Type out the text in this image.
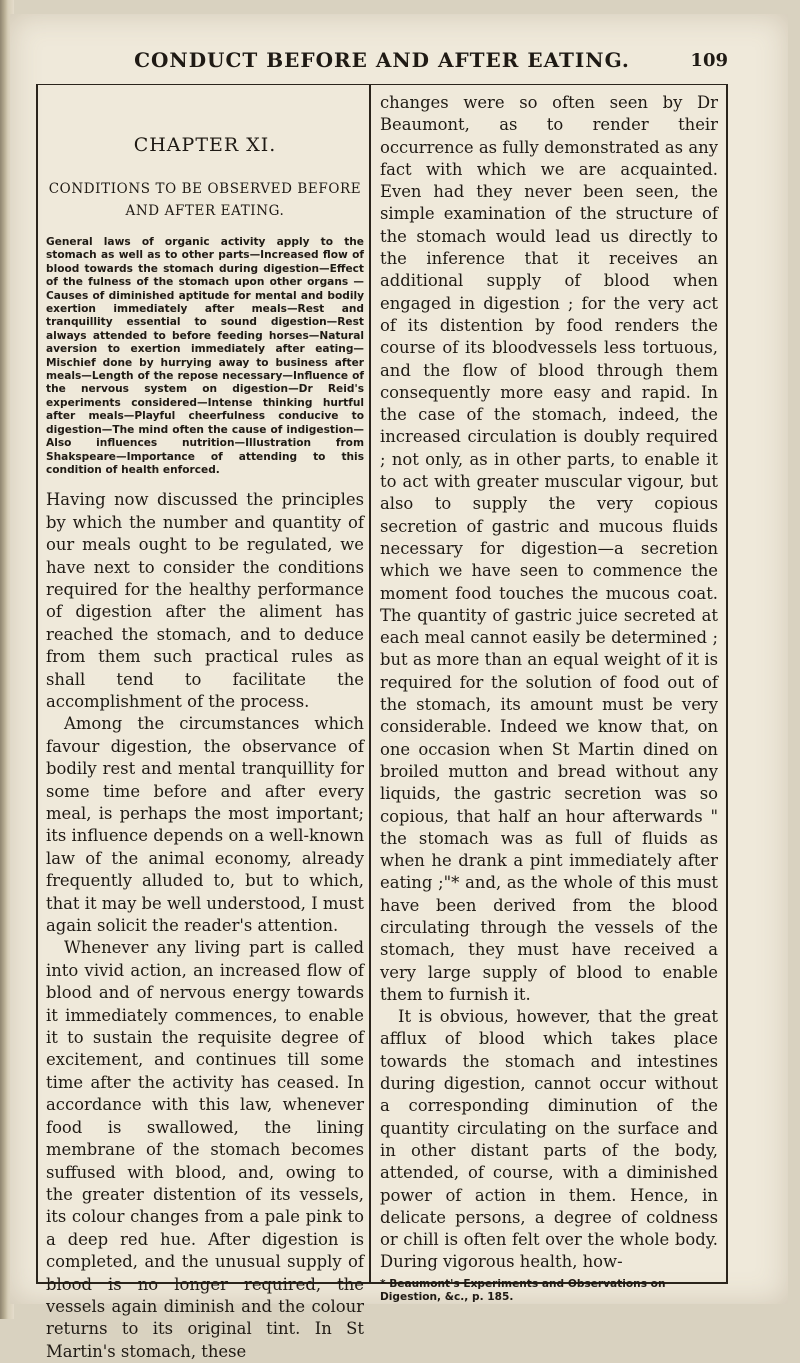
CONDUCT BEFORE AND AFTER EATING.	109
CHAPTER XI.
CONDITIONS TO BE OBSERVED BEFORE AND AFTER EATING.

General laws of organic activity apply to the stomach as well as to other parts—Increased flow of blood towards the stomach during digestion—Effect of the fulness of the stomach upon other organs —Causes of diminished aptitude for mental and bodily exertion immediately after meals—Rest and tranquillity essential to sound digestion—Rest always attended to before feeding horses—Natural aversion to exertion immediately after eating—Mischief done by hurrying away to business after meals—Length of the repose necessary—Influence of the nervous system on digestion—Dr Reid's experiments considered—Intense thinking hurtful after meals—Playful cheerfulness conducive to digestion—The mind often the cause of indigestion—Also influences nutrition—Illustration from Shakspeare—Importance of attending to this condition of health enforced.

Having now discussed the principles by which the number and quantity of our meals ought to be regulated, we have next to consider the conditions required for the healthy performance of digestion after the aliment has reached the stomach, and to deduce from them such practical rules as shall tend to facilitate the accomplishment of the process.

Among the circumstances which favour digestion, the observance of bodily rest and mental tranquillity for some time before and after every meal, is perhaps the most important; its influence depends on a well-known law of the animal economy, already frequently alluded to, but to which, that it may be well understood, I must again solicit the reader's attention.

Whenever any living part is called into vivid action, an increased flow of blood and of nervous energy towards it immediately commences, to enable it to sustain the requisite degree of excitement, and continues till some time after the activity has ceased. In accordance with this law, whenever food is swallowed, the lining membrane of the stomach becomes suffused with blood, and, owing to the greater distention of its vessels, its colour changes from a pale pink to a deep red hue. After digestion is completed, and the unusual supply of blood is no longer required, the vessels again diminish and the colour returns to its original tint. In St Martin's stomach, these

changes were so often seen by Dr Beaumont, as to render their occurrence as fully demonstrated as any fact with which we are acquainted. Even had they never been seen, the simple examination of the structure of the stomach would lead us directly to the inference that it receives an additional supply of blood when engaged in digestion ; for the very act of its distention by food renders the course of its bloodvessels less tortuous, and the flow of blood through them consequently more easy and rapid. In the case of the stomach, indeed, the increased circulation is doubly required ; not only, as in other parts, to enable it to act with greater muscular vigour, but also to supply the very copious secretion of gastric and mucous fluids necessary for digestion—a secretion which we have seen to commence the moment food touches the mucous coat. The quantity of gastric juice secreted at each meal cannot easily be determined ; but as more than an equal weight of it is required for the solution of food out of the stomach, its amount must be very considerable. Indeed we know that, on one occasion when St Martin dined on broiled mutton and bread without any liquids, the gastric secretion was so copious, that half an hour afterwards " the stomach was as full of fluids as when he drank a pint immediately after eating ;"* and, as the whole of this must have been derived from the blood circulating through the vessels of the stomach, they must have received a very large supply of blood to enable them to furnish it.

It is obvious, however, that the great afflux of blood which takes place towards the stomach and intestines during digestion, cannot occur without a corresponding diminution of the quantity circulating on the surface and in other distant parts of the body, attended, of course, with a diminished power of action in them. Hence, in delicate persons, a degree of coldness or chill is often felt over the whole body. During vigorous health, how-

* Beaumont's Experiments and Observations on Digestion, &c., p. 185.
